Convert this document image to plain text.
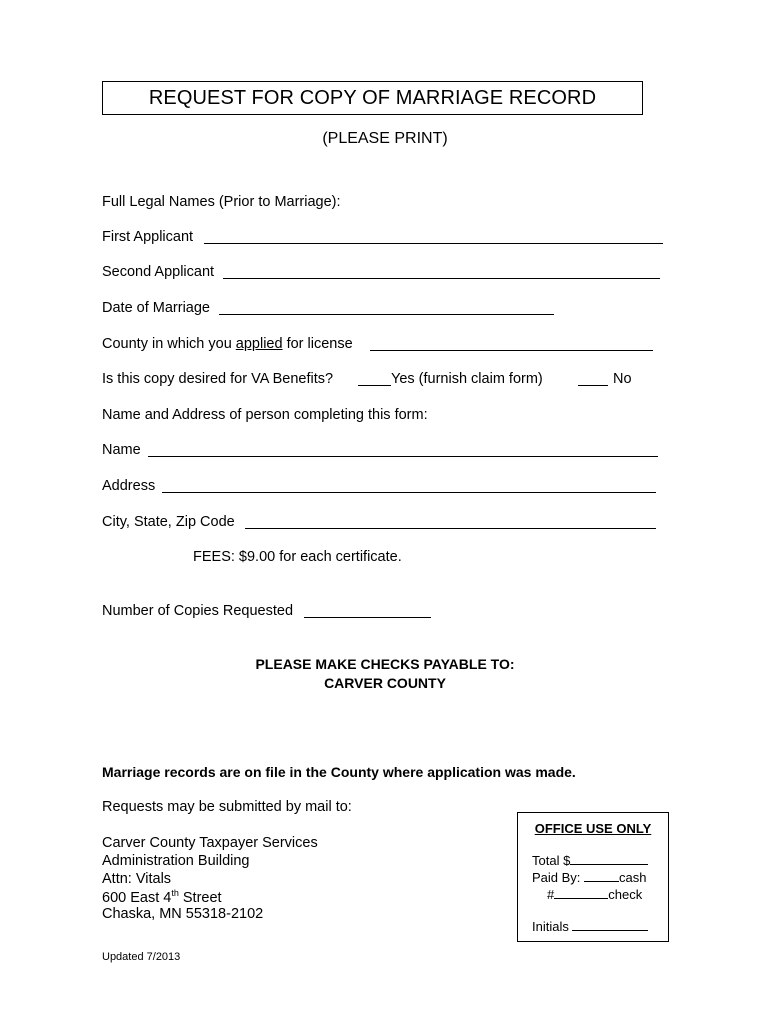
REQUEST FOR COPY OF MARRIAGE RECORD
(PLEASE PRINT)
Full Legal Names (Prior to Marriage):
First Applicant
Second Applicant
Date of Marriage
County in which you applied for license
Is this copy desired for VA Benefits?	Yes (furnish claim form)	No
Name and Address of person completing this form:
Name
Address
City, State, Zip Code
FEES: $9.00 for each certificate.
Number of Copies Requested
PLEASE MAKE CHECKS PAYABLE TO:
CARVER COUNTY
Marriage records are on file in the County where application was made.
Requests may be submitted by mail to:
Carver County Taxpayer Services
Administration Building
Attn: Vitals
600 East 4th Street
Chaska, MN 55318-2102
OFFICE USE ONLY
Total $
Paid By:	cash
#	check
Initials
Updated 7/2013
